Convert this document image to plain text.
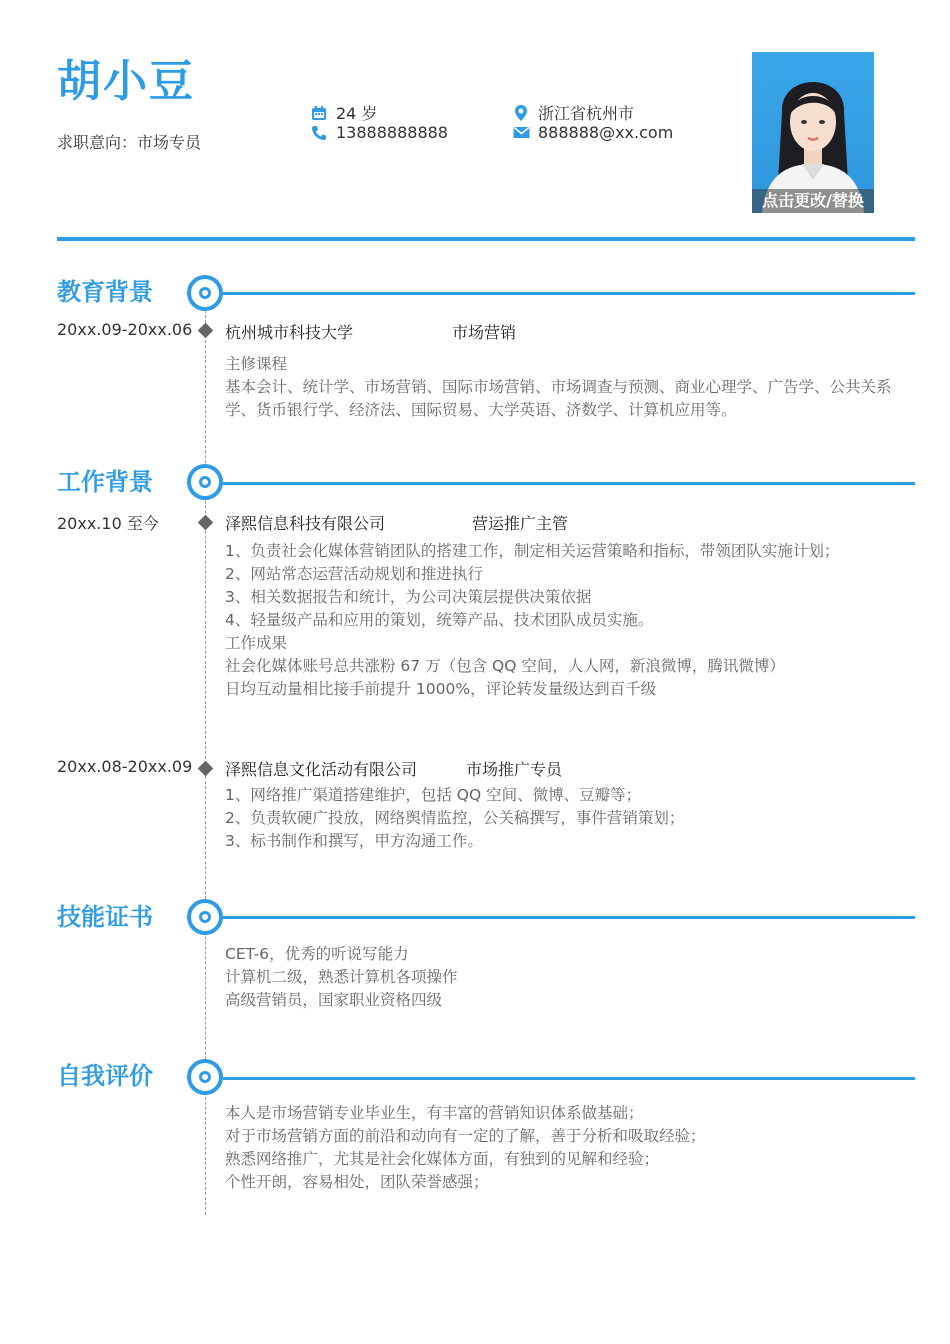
胡小豆
求职意向：市场专员
24 岁
13888888888
浙江省杭州市
888888@xx.com
点击更改/替换
教育背景
20xx.09-20xx.06 杭州城市科技大学	市场营销
主修课程
基本会计、统计学、市场营销、国际市场营销、市场调查与预测、商业心理学、广告学、公共关系学、货币银行学、经济法、国际贸易、大学英语、济数学、计算机应用等。
工作背景
20xx.10 至今	泽熙信息科技有限公司	营运推广主管
1、负责社会化媒体营销团队的搭建工作，制定相关运营策略和指标，带领团队实施计划；
2、网站常态运营活动规划和推进执行
3、相关数据报告和统计，为公司决策层提供决策依据
4、轻量级产品和应用的策划，统筹产品、技术团队成员实施。
工作成果
社会化媒体账号总共涨粉 67 万（包含 QQ 空间，人人网，新浪微博，腾讯微博）
日均互动量相比接手前提升 1000%，评论转发量级达到百千级
20xx.08-20xx.09 泽熙信息文化活动有限公司	市场推广专员
1、网络推广渠道搭建维护，包括 QQ 空间、微博、豆瓣等；
2、负责软硬广投放，网络舆情监控，公关稿撰写，事件营销策划；
3、标书制作和撰写，甲方沟通工作。
技能证书
CET-6，优秀的听说写能力
计算机二级，熟悉计算机各项操作
高级营销员，国家职业资格四级
自我评价
本人是市场营销专业毕业生，有丰富的营销知识体系做基础；
对于市场营销方面的前沿和动向有一定的了解，善于分析和吸取经验；
熟悉网络推广，尤其是社会化媒体方面，有独到的见解和经验；
个性开朗，容易相处，团队荣誉感强；
